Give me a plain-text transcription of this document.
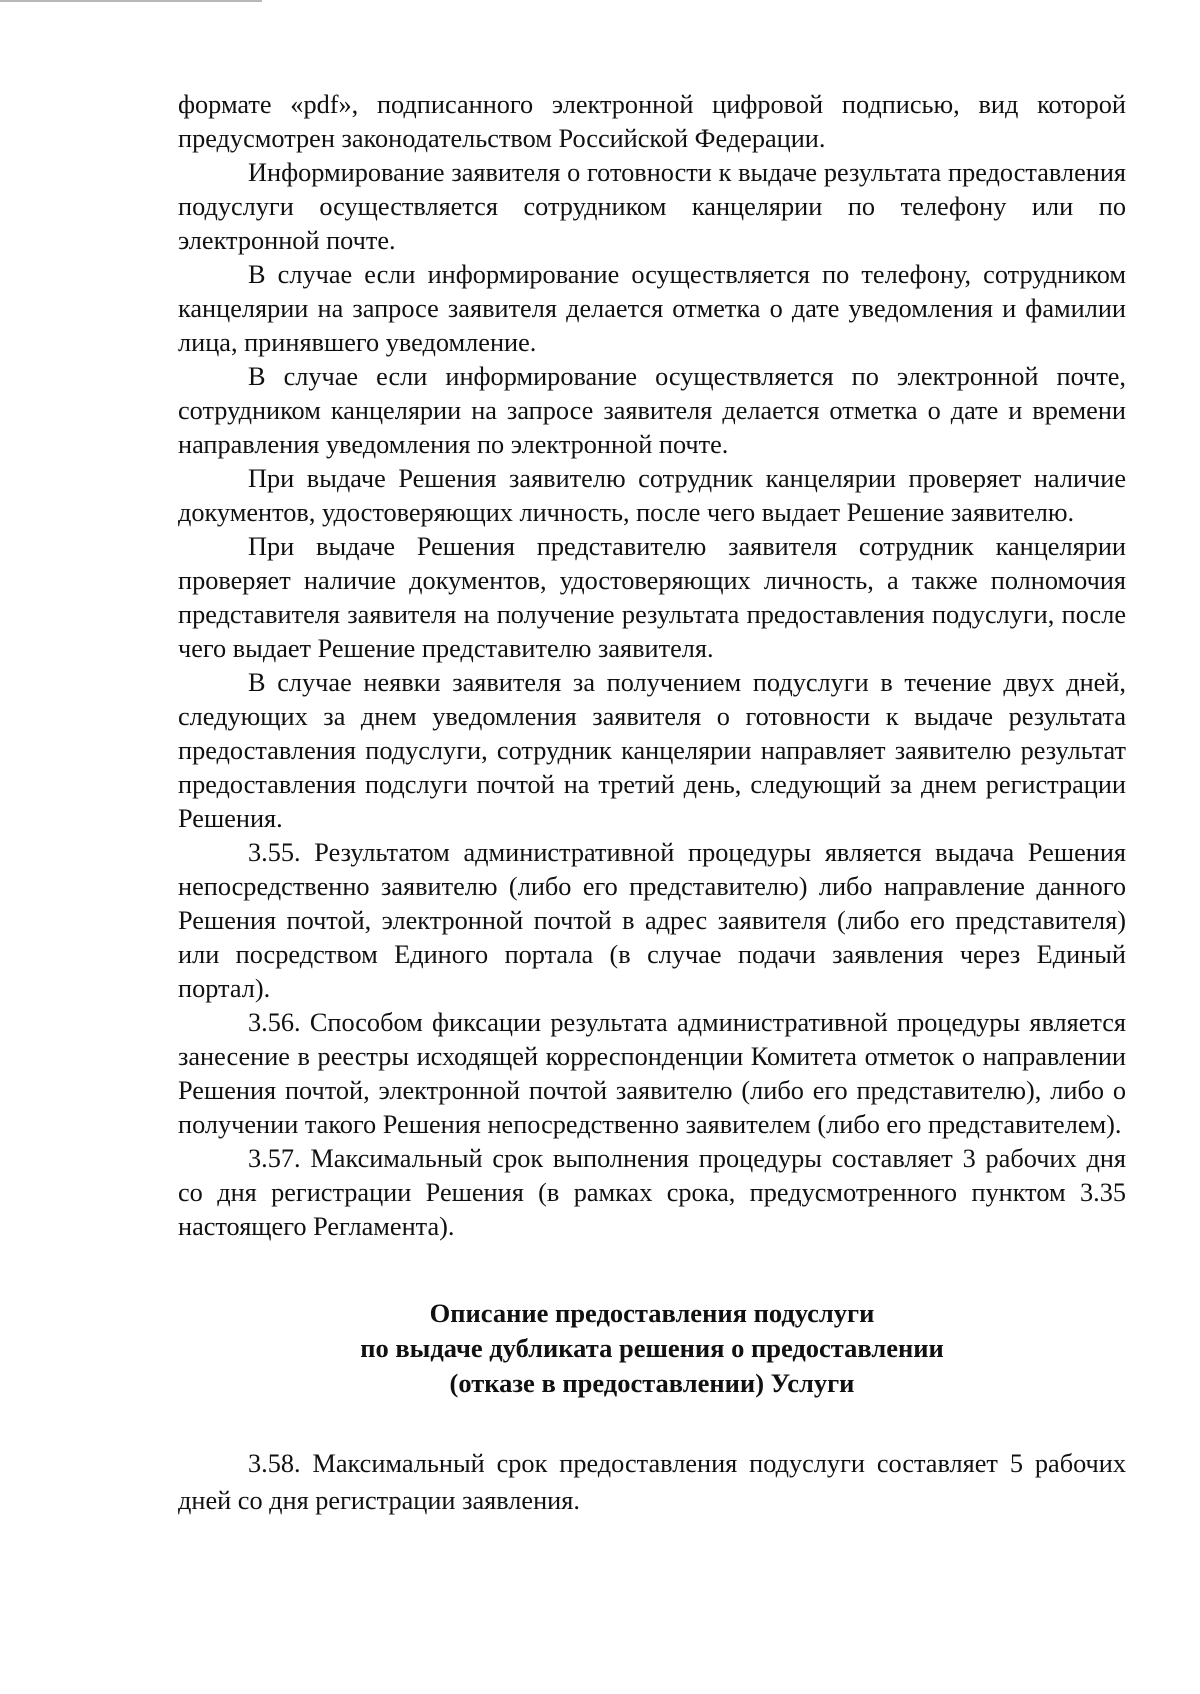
формате «pdf», подписанного электронной цифровой подписью, вид которой предусмотрен законодательством Российской Федерации.

Информирование заявителя о готовности к выдаче результата предоставления подуслуги осуществляется сотрудником канцелярии по телефону или по электронной почте.

В случае если информирование осуществляется по телефону, сотрудником канцелярии на запросе заявителя делается отметка о дате уведомления и фамилии лица, принявшего уведомление.

В случае если информирование осуществляется по электронной почте, сотрудником канцелярии на запросе заявителя делается отметка о дате и времени направления уведомления по электронной почте.

При выдаче Решения заявителю сотрудник канцелярии проверяет наличие документов, удостоверяющих личность, после чего выдает Решение заявителю.

При выдаче Решения представителю заявителя сотрудник канцелярии проверяет наличие документов, удостоверяющих личность, а также полномочия представителя заявителя на получение результата предоставления подуслуги, после чего выдает Решение представителю заявителя.

В случае неявки заявителя за получением подуслуги в течение двух дней, следующих за днем уведомления заявителя о готовности к выдаче результата предоставления подуслуги, сотрудник канцелярии направляет заявителю результат предоставления подслуги почтой на третий день, следующий за днем регистрации Решения.

3.55. Результатом административной процедуры является выдача Решения непосредственно заявителю (либо его представителю) либо направление данного Решения почтой, электронной почтой в адрес заявителя (либо его представителя) или посредством Единого портала (в случае подачи заявления через Единый портал).

3.56. Способом фиксации результата административной процедуры является занесение в реестры исходящей корреспонденции Комитета отметок о направлении Решения почтой, электронной почтой заявителю (либо его представителю), либо о получении такого Решения непосредственно заявителем (либо его представителем).

3.57. Максимальный срок выполнения процедуры составляет 3 рабочих дня со дня регистрации Решения (в рамках срока, предусмотренного пунктом 3.35 настоящего Регламента).

Описание предоставления подуслуги
по выдаче дубликата решения о предоставлении
(отказе в предоставлении) Услуги

3.58. Максимальный срок предоставления подуслуги составляет 5 рабочих дней со дня регистрации заявления.
